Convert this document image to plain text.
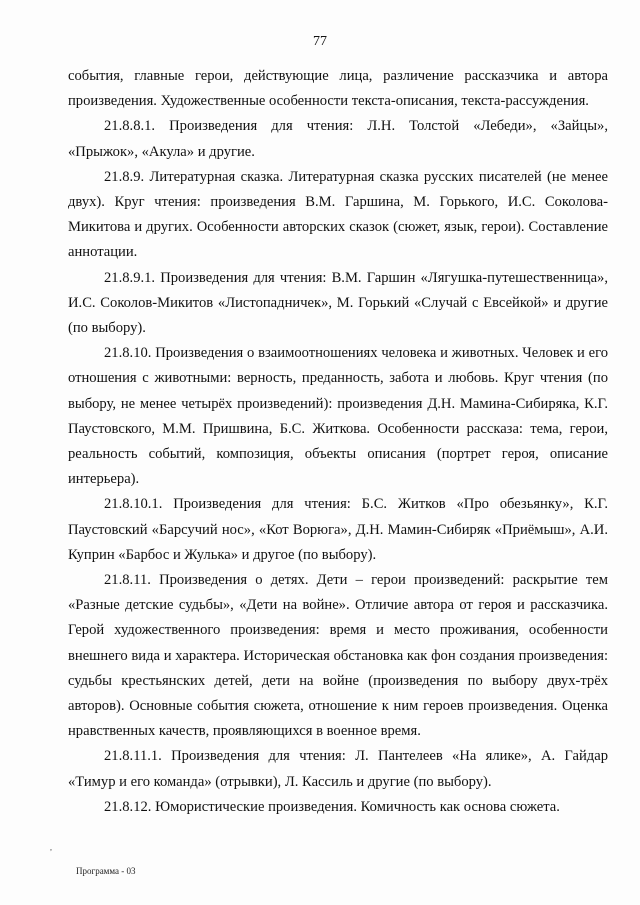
77

события, главные герои, действующие лица, различение рассказчика и автора произведения. Художественные особенности текста-описания, текста-рассуждения.

21.8.8.1. Произведения для чтения: Л.Н. Толстой «Лебеди», «Зайцы», «Прыжок», «Акула» и другие.

21.8.9. Литературная сказка. Литературная сказка русских писателей (не менее двух). Круг чтения: произведения В.М. Гаршина, М. Горького, И.С. Соколова-Микитова и других. Особенности авторских сказок (сюжет, язык, герои). Составление аннотации.

21.8.9.1. Произведения для чтения: В.М. Гаршин «Лягушка-путешественница», И.С. Соколов-Микитов «Листопадничек», М. Горький «Случай с Евсейкой» и другие (по выбору).

21.8.10. Произведения о взаимоотношениях человека и животных. Человек и его отношения с животными: верность, преданность, забота и любовь. Круг чтения (по выбору, не менее четырёх произведений): произведения Д.Н. Мамина-Сибиряка, К.Г. Паустовского, М.М. Пришвина, Б.С. Житкова. Особенности рассказа: тема, герои, реальность событий, композиция, объекты описания (портрет героя, описание интерьера).

21.8.10.1. Произведения для чтения: Б.С. Житков «Про обезьянку», К.Г. Паустовский «Барсучий нос», «Кот Ворюга», Д.Н. Мамин-Сибиряк «Приёмыш», А.И. Куприн «Барбос и Жулька» и другое (по выбору).

21.8.11. Произведения о детях. Дети – герои произведений: раскрытие тем «Разные детские судьбы», «Дети на войне». Отличие автора от героя и рассказчика. Герой художественного произведения: время и место проживания, особенности внешнего вида и характера. Историческая обстановка как фон создания произведения: судьбы крестьянских детей, дети на войне (произведения по выбору двух-трёх авторов). Основные события сюжета, отношение к ним героев произведения. Оценка нравственных качеств, проявляющихся в военное время.

21.8.11.1. Произведения для чтения: Л. Пантелеев «На ялике», А. Гайдар «Тимур и его команда» (отрывки), Л. Кассиль и другие (по выбору).

21.8.12. Юмористические произведения. Комичность как основа сюжета.

,
Программа - 03
